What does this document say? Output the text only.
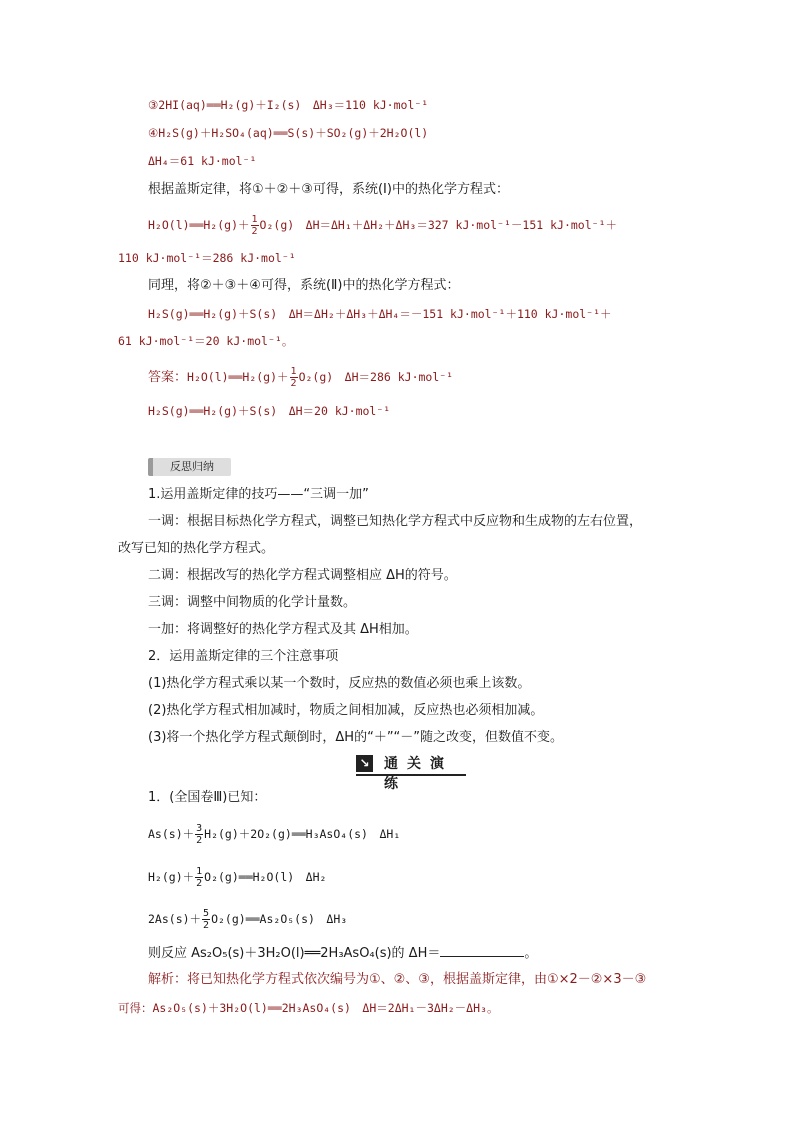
③2HI(aq)══H₂(g)＋I₂(s)　ΔH₃＝110 kJ·mol⁻¹
④H₂S(g)＋H₂SO₄(aq)══S(s)＋SO₂(g)＋2H₂O(l)
ΔH₄＝61 kJ·mol⁻¹
根据盖斯定律，将①＋②＋③可得，系统(Ⅰ)中的热化学方程式：
H₂O(l)══H₂(g)＋ $\frac{1}{2} O_2(g)$　ΔH＝ΔH₁＋ΔH₂＋ΔH₃＝327 kJ·mol⁻¹－151 kJ·mol⁻¹＋
110 kJ·mol⁻¹＝286 kJ·mol⁻¹
同理，将②＋③＋④可得，系统(Ⅱ)中的热化学方程式：
H₂S(g)══H₂(g)＋S(s)　ΔH＝ΔH₂＋ΔH₃＋ΔH₄＝－151 kJ·mol⁻¹＋110 kJ·mol⁻¹＋
61 kJ·mol⁻¹＝20 kJ·mol⁻¹。
答案：H₂O(l)══H₂(g)＋ $\frac{1}{2} O_2(g)$　ΔH＝286 kJ·mol⁻¹
H₂S(g)══H₂(g)＋S(s)　ΔH＝20 kJ·mol⁻¹
反思归纳
1.运用盖斯定律的技巧——“三调一加”
一调：根据目标热化学方程式，调整已知热化学方程式中反应物和生成物的左右位置，
改写已知的热化学方程式。
二调：根据改写的热化学方程式调整相应 ΔH的符号。
三调：调整中间物质的化学计量数。
一加：将调整好的热化学方程式及其 ΔH相加。
2．运用盖斯定律的三个注意事项
(1)热化学方程式乘以某一个数时，反应热的数值必须也乘上该数。
(2)热化学方程式相加减时，物质之间相加减，反应热也必须相加减。
(3)将一个热化学方程式颠倒时，ΔH的“＋”“－”随之改变，但数值不变。
↘ 通关演练
1．(全国卷Ⅲ)已知：
$As(s)+ \frac{3}{2}$ H₂(g)＋2O₂(g)══H₃AsO₄(s)　ΔH₁
$H_2(g)+ \frac{1}{2}$ O₂(g)══H₂O(l)　ΔH₂
$2As(s)+ \frac{5}{2}$ O₂(g)══As₂O₅(s)　ΔH₃
则反应 As₂O₅(s)＋3H₂O(l)══2H₃AsO₄(s)的 ΔH＝	。
解析：将已知热化学方程式依次编号为①、②、③，根据盖斯定律，由①×2－②×3－③
可得：As₂O₅(s)＋3H₂O(l)══2H₃AsO₄(s)　ΔH＝2ΔH₁－3ΔH₂－ΔH₃。
